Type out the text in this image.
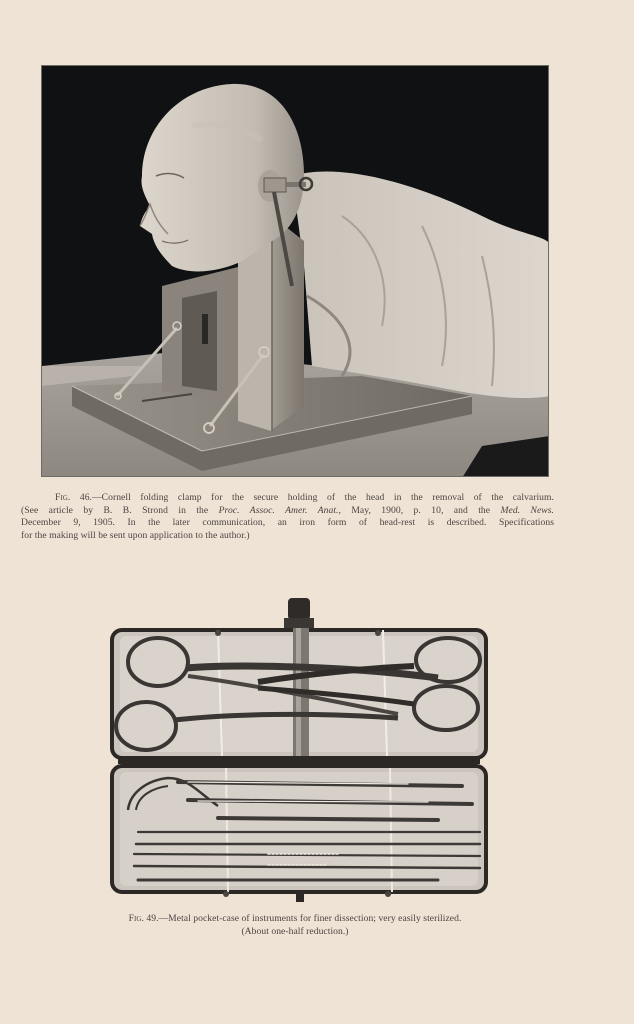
Fig. 46.—Cornell folding clamp for the secure holding of the head in the removal of the calvarium.
(See article by B. B. Strond in the Proc. Assoc. Amer. Anat., May, 1900, p. 10, and the Med. News.
December 9, 1905. In the later communication, an iron form of head-rest is described. Specifications
for the making will be sent upon application to the author.)
Fig. 49.—Metal pocket-case of instruments for finer dissection; very easily sterilized.
(About one-half reduction.)
